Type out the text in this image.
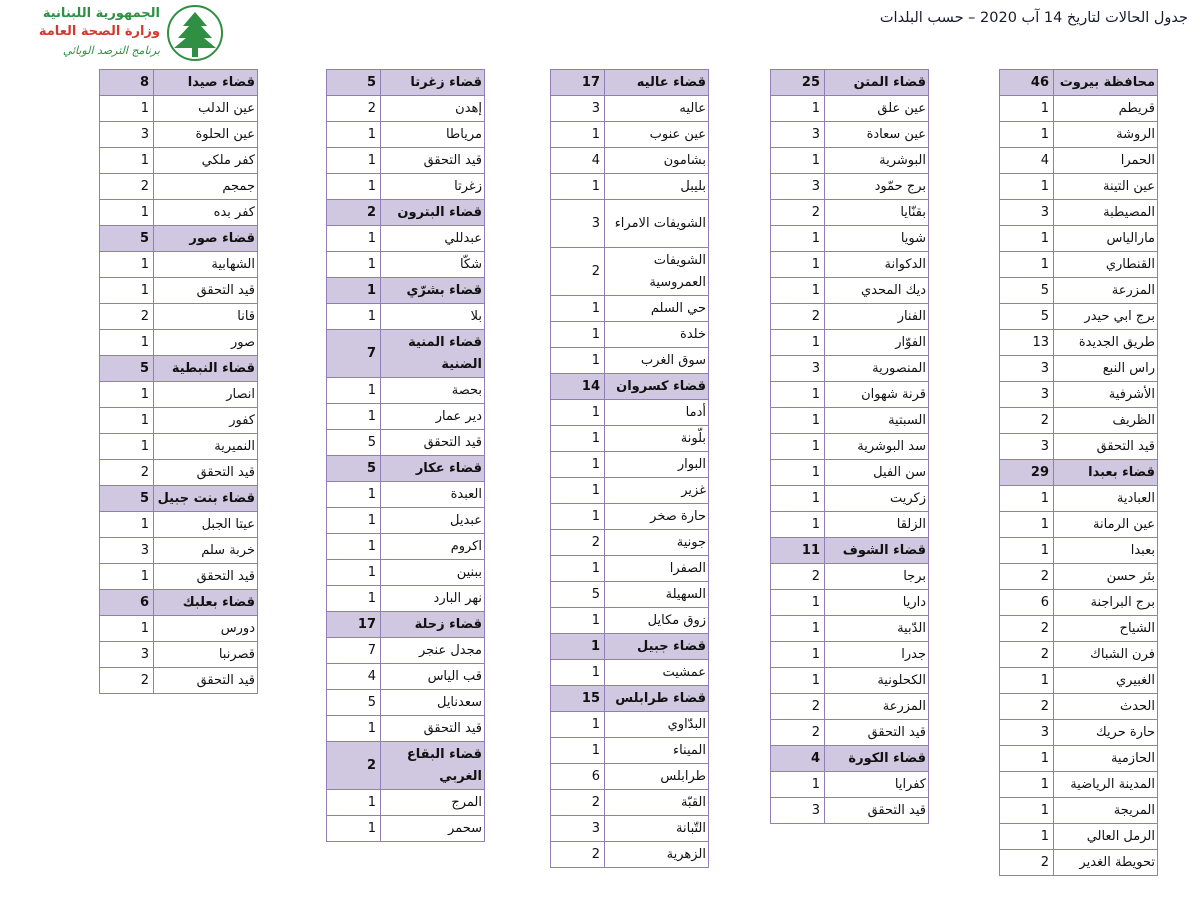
جدول الحالات لتاريخ 14 آب 2020 – حسب البلدات
الجمهورية اللبنانية
وزارة الصحة العامة
برنامج الترصد الوبائي
محافظة بيروت
46
قريطم
1
الروشة
1
الحمرا
4
عين التينة
1
المصيطبة
3
مارالياس
1
القنطاري
1
المزرعة
5
برج ابي حيدر
5
طريق الجديدة
13
راس النبع
3
الأشرفية
3
الظريف
2
قيد التحقق
3
قضاء بعبدا
29
العبادية
1
عين الرمانة
1
بعبدا
1
بئر حسن
2
برج البراجنة
6
الشياح
2
فرن الشباك
2
الغبيري
1
الحدث
2
حارة حريك
3
الحازمية
1
المدينة الرياضية
1
المريجة
1
الرمل العالي
1
تحويطة الغدير
2
قضاء المتن
25
عين علق
1
عين سعادة
3
البوشرية
1
برج حمّود
3
بقنّايا
2
شويا
1
الدكوانة
1
ديك المحدي
1
الفنار
2
الفوّار
1
المنصورية
3
قرنة شهوان
1
السبتية
1
سد البوشرية
1
سن الفيل
1
زكريت
1
الزلقا
1
قضاء الشوف
11
برجا
2
داريا
1
الدّبية
1
جدرا
1
الكحلونية
1
المزرعة
2
قيد التحقق
2
قضاء الكورة
4
كفرايا
1
قيد التحقق
3
قضاء عاليه
17
عاليه
3
عين عنوب
1
بشامون
4
بليبل
1
الشويفات الامراء
3
الشويفات العمروسية
2
حي السلم
1
خلدة
1
سوق الغرب
1
قضاء كسروان
14
أدما
1
بلّونة
1
البوار
1
غزير
1
حارة صخر
1
جونية
2
الصفرا
1
السهيلة
5
زوق مكايل
1
قضاء جبيل
1
عمشيت
1
قضاء طرابلس
15
البدّاوي
1
الميناء
1
طرابلس
6
القبّة
2
التّبانة
3
الزهرية
2
قضاء زغرتا
5
إهدن
2
مرياطا
1
قيد التحقق
1
زغرتا
1
قضاء البترون
2
عبدللي
1
شكّا
1
قضاء بشرّي
1
بلا
1
قضاء المنية الضنية
7
بحصة
1
دير عمار
1
قيد التحقق
5
قضاء عكار
5
العبدة
1
عبديل
1
اكروم
1
ببنين
1
نهر البارد
1
قضاء زحلة
17
مجدل عنجر
7
قب الياس
4
سعدنايل
5
قيد التحقق
1
قضاء البقاع الغربي
2
المرج
1
سحمر
1
قضاء صيدا
8
عين الدلب
1
عين الحلوة
3
كفر ملكي
1
جمجم
2
كفر بده
1
قضاء صور
5
الشهابية
1
قيد التحقق
1
قانا
2
صور
1
قضاء النبطية
5
انصار
1
كفور
1
النميرية
1
قيد التحقق
2
قضاء بنت جبيل
5
عيتا الجبل
1
خربة سلم
3
قيد التحقق
1
قضاء بعلبك
6
دورس
1
قصرنبا
3
قيد التحقق
2
